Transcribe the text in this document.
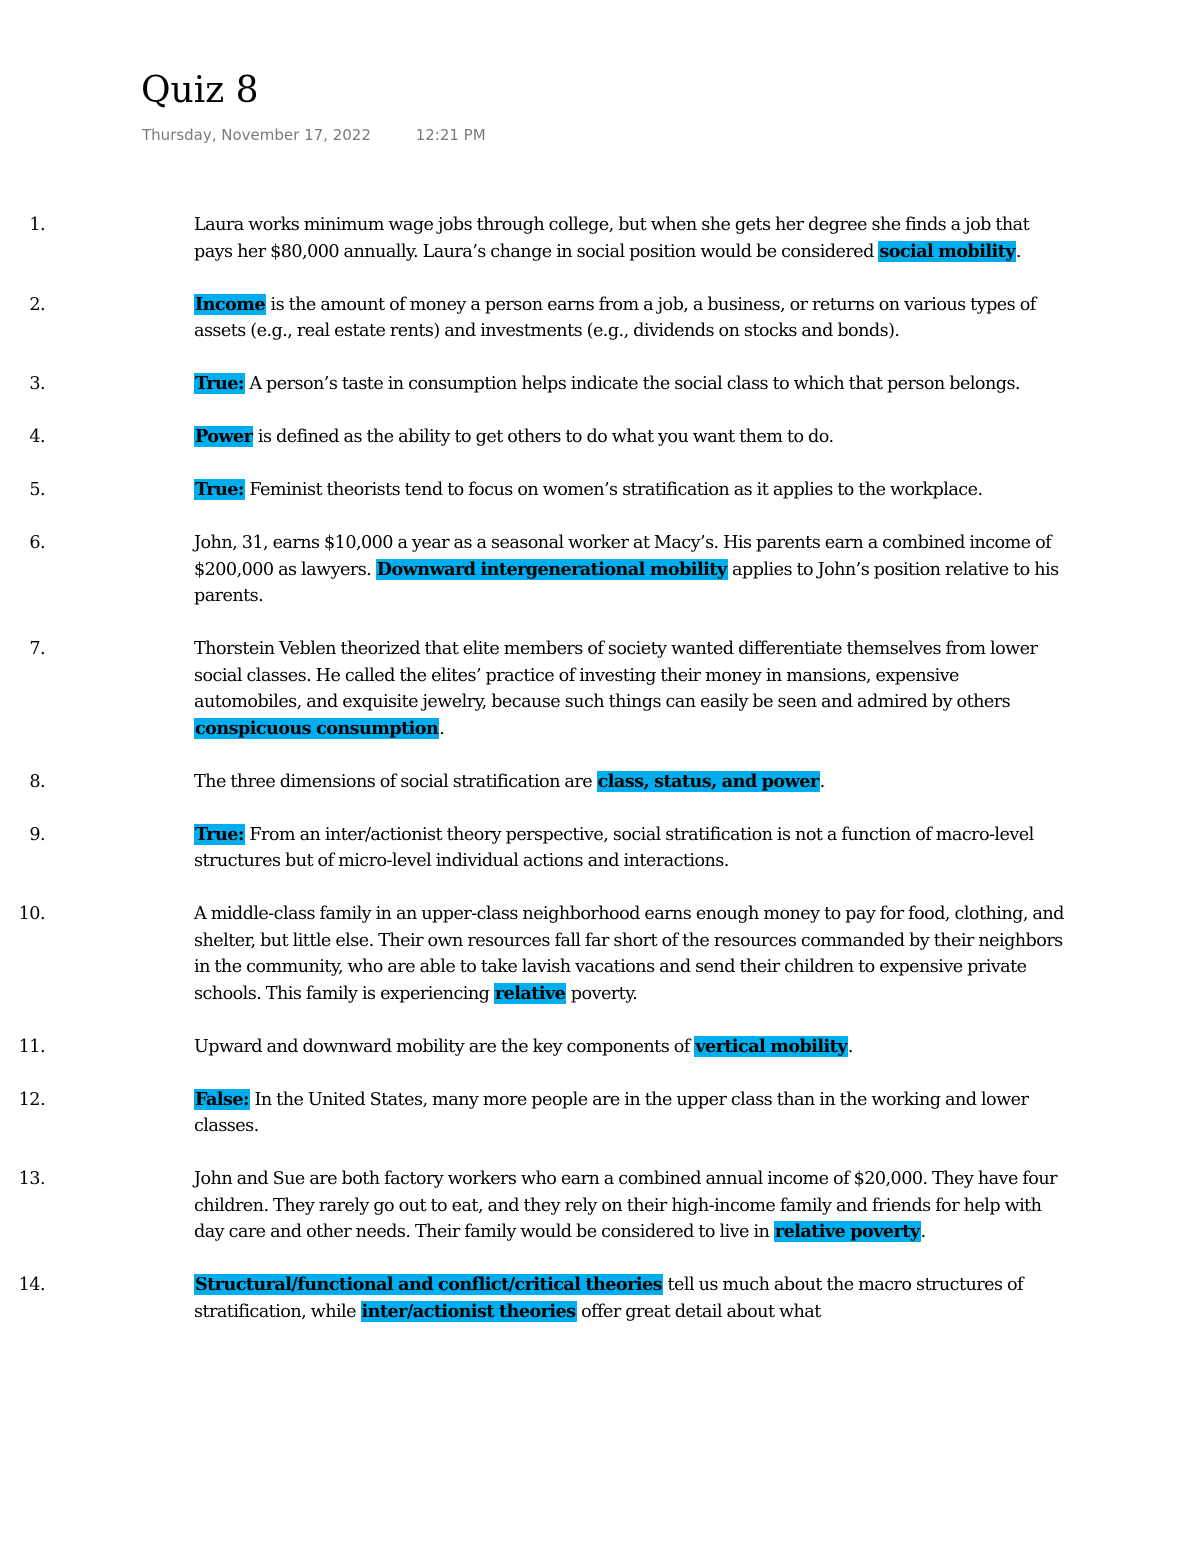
Quiz 8
Thursday, November 17, 2022	12:21 PM
1.	Laura works minimum wage jobs through college, but when she gets her degree she finds a job that pays her $80,000 annually. Laura’s change in social position would be considered social mobility.
2.	Income is the amount of money a person earns from a job, a business, or returns on various types of assets (e.g., real estate rents) and investments (e.g., dividends on stocks and bonds).
3.	True: A person’s taste in consumption helps indicate the social class to which that person belongs.
4.	Power is defined as the ability to get others to do what you want them to do.
5.	True: Feminist theorists tend to focus on women’s stratification as it applies to the workplace.
6.	John, 31, earns $10,000 a year as a seasonal worker at Macy’s. His parents earn a combined income of $200,000 as lawyers. Downward intergenerational mobility applies to John’s position relative to his parents.
7.	Thorstein Veblen theorized that elite members of society wanted differentiate themselves from lower social classes. He called the elites’ practice of investing their money in mansions, expensive automobiles, and exquisite jewelry, because such things can easily be seen and admired by others conspicuous consumption.
8.	The three dimensions of social stratification are class, status, and power.
9.	True: From an inter/actionist theory perspective, social stratification is not a function of macro-level structures but of micro-level individual actions and interactions.
10.	A middle-class family in an upper-class neighborhood earns enough money to pay for food, clothing, and shelter, but little else. Their own resources fall far short of the resources commanded by their neighbors in the community, who are able to take lavish vacations and send their children to expensive private schools. This family is experiencing relative poverty.
11.	Upward and downward mobility are the key components of vertical mobility.
12.	False: In the United States, many more people are in the upper class than in the working and lower classes.
13.	John and Sue are both factory workers who earn a combined annual income of $20,000. They have four children. They rarely go out to eat, and they rely on their high-income family and friends for help with day care and other needs. Their family would be considered to live in relative poverty.
14.	Structural/functional and conflict/critical theories tell us much about the macro structures of stratification, while inter/actionist theories offer great detail about what
